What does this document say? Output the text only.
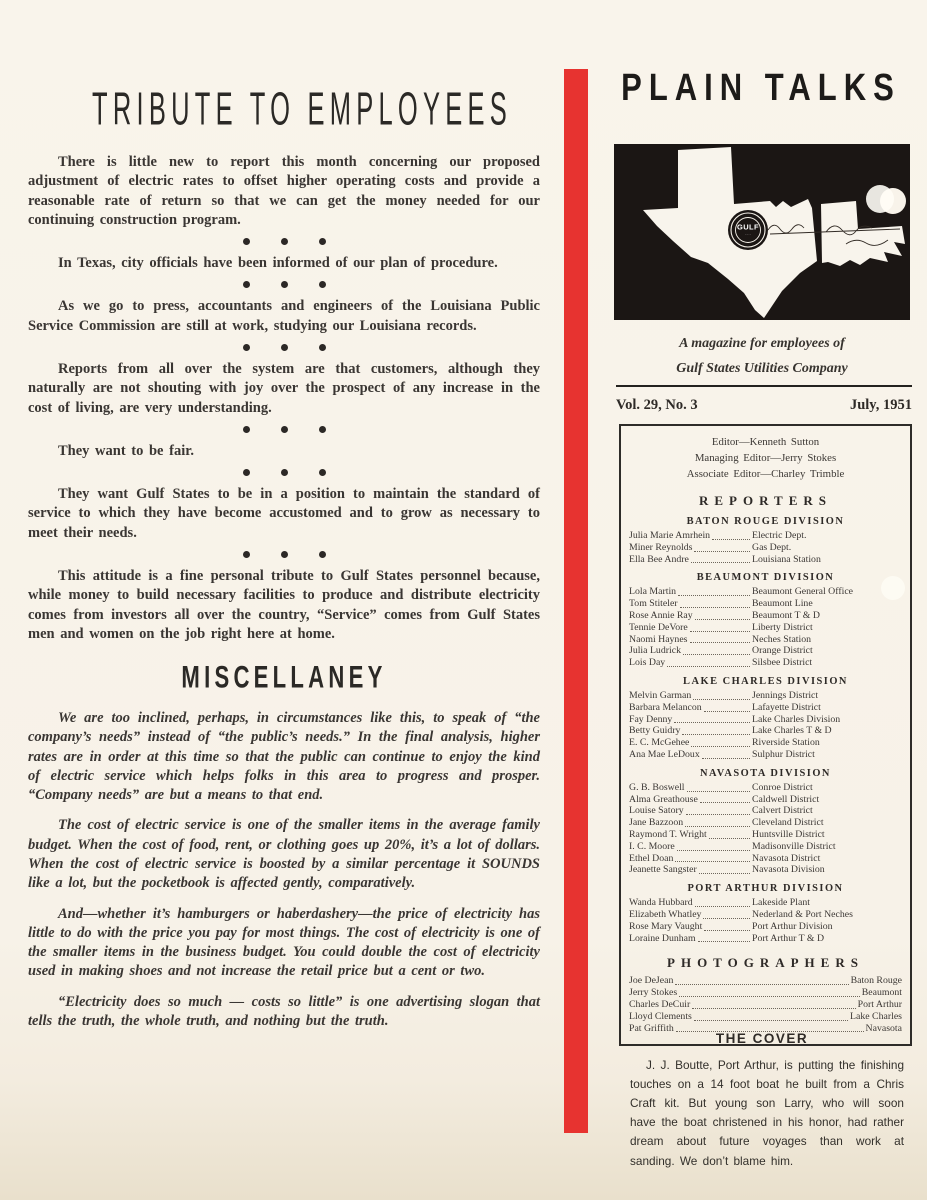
TRIBUTE TO EMPLOYEES

There is little new to report this month concerning our proposed adjustment of electric rates to offset higher operating costs and provide a reasonable rate of return so that we can get the money needed for our continuing construction program.

In Texas, city officials have been informed of our plan of procedure.

As we go to press, accountants and engineers of the Louisiana Public Service Commission are still at work, studying our Louisiana records.

Reports from all over the system are that customers, although they naturally are not shouting with joy over the prospect of any increase in the cost of living, are very understanding.

They want to be fair.

They want Gulf States to be in a position to maintain the standard of service to which they have become accustomed and to grow as necessary to meet their needs.

This attitude is a fine personal tribute to Gulf States personnel because, while money to build necessary facilities to produce and distribute electricity comes from investors all over the country, “Service” comes from Gulf States men and women on the job right here at home.

MISCELLANEY

We are too inclined, perhaps, in circumstances like this, to speak of “the company’s needs” instead of “the public’s needs.” In the final analysis, higher rates are in order at this time so that the public can continue to enjoy the kind of electric service which helps folks in this area to progress and prosper. “Company needs” are but a means to that end.

The cost of electric service is one of the smaller items in the average family budget. When the cost of food, rent, or clothing goes up 20%, it’s a lot of dollars. When the cost of electric service is boosted by a similar percentage it SOUNDS like a lot, but the pocketbook is affected gently, comparatively.

And—whether it’s hamburgers or haberdashery—the price of electricity has little to do with the price you pay for most things. The cost of electricity is one of the smaller items in the business budget. You could double the cost of electricity used in making shoes and not increase the retail price but a cent or two.

“Electricity does so much — costs so little” is one advertising slogan that tells the truth, the whole truth, and nothing but the truth.

PLAIN TALKS
GULF
· · ·
A magazine for employees of
Gulf States Utilities Company
Vol. 29, No. 3	July, 1951
Editor—Kenneth Sutton
Managing Editor—Jerry Stokes
Associate Editor—Charley Trimble
REPORTERS
BATON ROUGE DIVISION
Julia Marie Amrhein	Electric Dept.
Miner Reynolds	Gas Dept.
Ella Bee Andre	Louisiana Station
BEAUMONT DIVISION
Lola Martin	Beaumont General Office
Tom Stiteler	Beaumont Line
Rose Annie Ray	Beaumont T & D
Tennie DeVore	Liberty District
Naomi Haynes	Neches Station
Julia Ludrick	Orange District
Lois Day	Silsbee District
LAKE CHARLES DIVISION
Melvin Garman	Jennings District
Barbara Melancon	Lafayette District
Fay Denny	Lake Charles Division
Betty Guidry	Lake Charles T & D
E. C. McGehee	Riverside Station
Ana Mae LeDoux	Sulphur District
NAVASOTA DIVISION
G. B. Boswell	Conroe District
Alma Greathouse	Caldwell District
Louise Satory	Calvert District
Jane Bazzoon	Cleveland District
Raymond T. Wright	Huntsville District
I. C. Moore	Madisonville District
Ethel Doan	Navasota District
Jeanette Sangster	Navasota Division
PORT ARTHUR DIVISION
Wanda Hubbard	Lakeside Plant
Elizabeth Whatley	Nederland & Port Neches
Rose Mary Vaught	Port Arthur Division
Loraine Dunham	Port Arthur T & D
PHOTOGRAPHERS
Joe DeJean	Baton Rouge
Jerry Stokes	Beaumont
Charles DeCuir	Port Arthur
Lloyd Clements	Lake Charles
Pat Griffith	Navasota
THE COVER
J. J. Boutte, Port Arthur, is putting the finishing touches on a 14 foot boat he built from a Chris Craft kit. But young son Larry, who will soon have the boat christened in his honor, had rather dream about future voyages than work at sanding. We don’t blame him.
